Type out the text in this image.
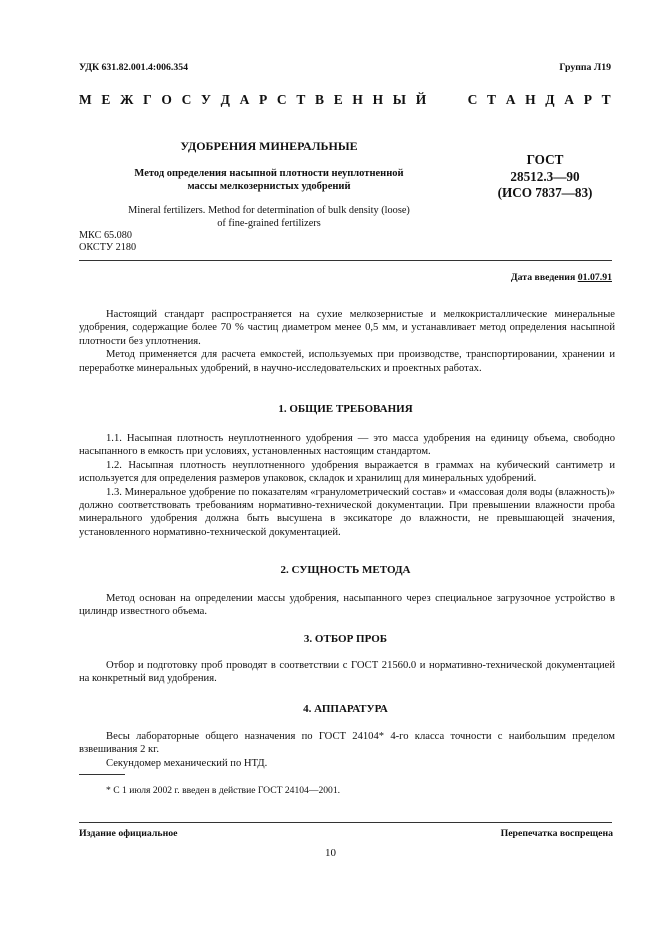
УДК 631.82.001.4:006.354	Группа Л19
М Е Ж Г О С У Д А Р С Т В Е Н Н Ы Й	С Т А Н Д А Р Т
УДОБРЕНИЯ МИНЕРАЛЬНЫЕ
Метод определения насыпной плотности неуплотненной
массы мелкозернистых удобрений
Mineral fertilizers. Method for determination of bulk density (loose)
of fine-grained fertilizers
ГОСТ
28512.3—90
(ИСО 7837—83)
МКС 65.080
ОКСТУ 2180
Дата введения 01.07.91

Настоящий стандарт распространяется на сухие мелкозернистые и мелкокристаллические минеральные удобрения, содержащие более 70 % частиц диаметром менее 0,5 мм, и устанавливает метод определения насыпной плотности без уплотнения.

Метод применяется для расчета емкостей, используемых при производстве, транспортировании, хранении и переработке минеральных удобрений, в научно-исследовательских и проектных работах.

1. ОБЩИЕ ТРЕБОВАНИЯ

1.1. Насыпная плотность неуплотненного удобрения — это масса удобрения на единицу объема, свободно насыпанного в емкость при условиях, установленных настоящим стандартом.

1.2. Насыпная плотность неуплотненного удобрения выражается в граммах на кубический сантиметр и используется для определения размеров упаковок, складок и хранилищ для минеральных удобрений.

1.3. Минеральное удобрение по показателям «гранулометрический состав» и «массовая доля воды (влажность)» должно соответствовать требованиям нормативно-технической документации. При превышении влажности проба минерального удобрения должна быть высушена в эксикаторе до влажности, не превышающей значения, установленного нормативно-технической документацией.

2. СУЩНОСТЬ МЕТОДА

Метод основан на определении массы удобрения, насыпанного через специальное загрузочное устройство в цилиндр известного объема.

3. ОТБОР ПРОБ

Отбор и подготовку проб проводят в соответствии с ГОСТ 21560.0 и нормативно-технической документацией на конкретный вид удобрения.

4. АППАРАТУРА

Весы лабораторные общего назначения по ГОСТ 24104* 4-го класса точности с наибольшим пределом взвешивания 2 кг.

Секундомер механический по НТД.

* С 1 июля 2002 г. введен в действие ГОСТ 24104—2001.
Издание официальное	Перепечатка воспрещена
10
